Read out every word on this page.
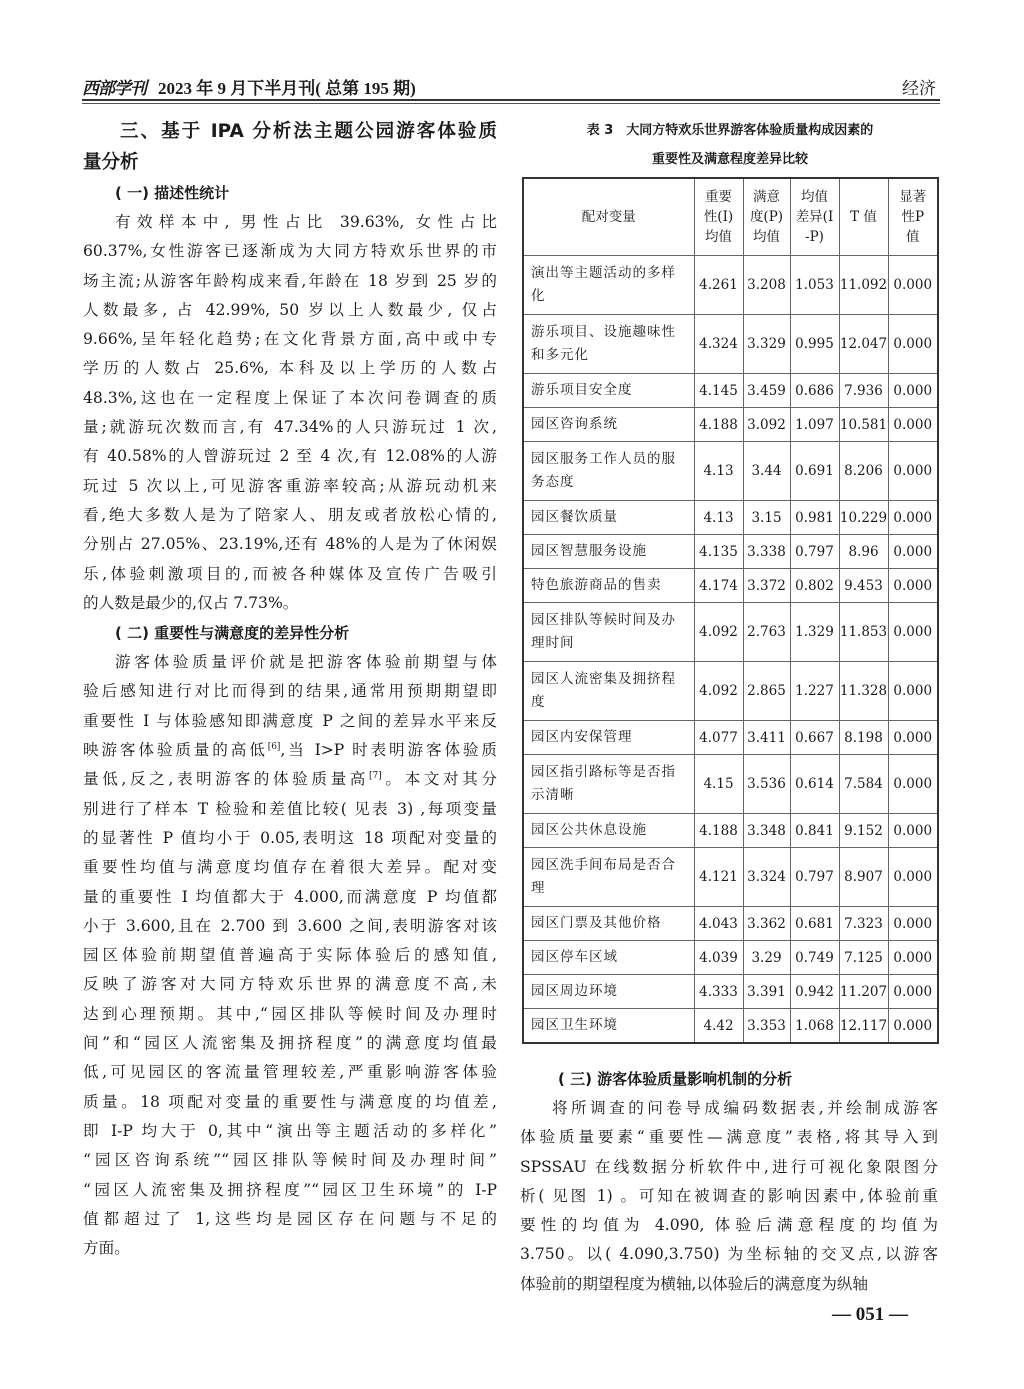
西部学刊 2023 年 9 月下半月刊( 总第 195 期)	经济
三、基于 IPA 分析法主题公园游客体验质
量分析
( 一) 描述性统计
有效样本中, 男性占比 39.63%, 女性占比
60.37%,女性游客已逐渐成为大同方特欢乐世界的市
场主流;从游客年龄构成来看,年龄在 18 岁到 25 岁的
人数最多, 占 42.99%, 50 岁以上人数最少, 仅占
9.66%,呈年轻化趋势;在文化背景方面,高中或中专
学历的人数占 25.6%, 本科及以上学历的人数占
48.3%,这也在一定程度上保证了本次问卷调查的质
量;就游玩次数而言,有 47.34%的人只游玩过 1 次,
有 40.58%的人曾游玩过 2 至 4 次,有 12.08%的人游
玩过 5 次以上,可见游客重游率较高;从游玩动机来
看,绝大多数人是为了陪家人、朋友或者放松心情的,
分别占 27.05%、23.19%,还有 48%的人是为了休闲娱
乐,体验刺激项目的,而被各种媒体及宣传广告吸引
的人数是最少的,仅占 7.73%。
( 二) 重要性与满意度的差异性分析
游客体验质量评价就是把游客体验前期望与体
验后感知进行对比而得到的结果,通常用预期期望即
重要性 I 与体验感知即满意度 P 之间的差异水平来反
映游客体验质量的高低[6],当 I>P 时表明游客体验质
量低,反之,表明游客的体验质量高[7]。本文对其分
别进行了样本 T 检验和差值比较( 见表 3) ,每项变量
的显著性 P 值均小于 0.05,表明这 18 项配对变量的
重要性均值与满意度均值存在着很大差异。配对变
量的重要性 I 均值都大于 4.000,而满意度 P 均值都
小于 3.600,且在 2.700 到 3.600 之间,表明游客对该
园区体验前期望值普遍高于实际体验后的感知值,
反映了游客对大同方特欢乐世界的满意度不高,未
达到心理预期。其中,“园区排队等候时间及办理时
间”和“园区人流密集及拥挤程度”的满意度均值最
低,可见园区的客流量管理较差,严重影响游客体验
质量。18 项配对变量的重要性与满意度的均值差,
即 I-P 均大于 0,其中“演出等主题活动的多样化”
“园区咨询系统”“园区排队等候时间及办理时间”
“园区人流密集及拥挤程度”“园区卫生环境”的 I-P
值都超过了 1,这些均是园区存在问题与不足的
方面。
表 3　大同方特欢乐世界游客体验质量构成因素的
重要性及满意程度差异比较
配对变量	重要性(I)均值	满意度(P)均值	均值差异(I-P)	T 值	显著性P 值
演出等主题活动的多样化	4.261	3.208	1.053	11.092	0.000
游乐项目、设施趣味性和多元化	4.324	3.329	0.995	12.047	0.000
游乐项目安全度	4.145	3.459	0.686	7.936	0.000
园区咨询系统	4.188	3.092	1.097	10.581	0.000
园区服务工作人员的服务态度	4.13	3.44	0.691	8.206	0.000
园区餐饮质量	4.13	3.15	0.981	10.229	0.000
园区智慧服务设施	4.135	3.338	0.797	8.96	0.000
特色旅游商品的售卖	4.174	3.372	0.802	9.453	0.000
园区排队等候时间及办理时间	4.092	2.763	1.329	11.853	0.000
园区人流密集及拥挤程度	4.092	2.865	1.227	11.328	0.000
园区内安保管理	4.077	3.411	0.667	8.198	0.000
园区指引路标等是否指示清晰	4.15	3.536	0.614	7.584	0.000
园区公共休息设施	4.188	3.348	0.841	9.152	0.000
园区洗手间布局是否合理	4.121	3.324	0.797	8.907	0.000
园区门票及其他价格	4.043	3.362	0.681	7.323	0.000
园区停车区域	4.039	3.29	0.749	7.125	0.000
园区周边环境	4.333	3.391	0.942	11.207	0.000
园区卫生环境	4.42	3.353	1.068	12.117	0.000
( 三) 游客体验质量影响机制的分析
将所调查的问卷导成编码数据表,并绘制成游客
体验质量要素“重要性—满意度”表格,将其导入到
SPSSAU 在线数据分析软件中,进行可视化象限图分
析( 见图 1) 。可知在被调查的影响因素中,体验前重
要性的均值为 4.090, 体验后满意程度的均值为
3.750。以( 4.090,3.750) 为坐标轴的交叉点,以游客
体验前的期望程度为横轴,以体验后的满意度为纵轴
— 051 —
